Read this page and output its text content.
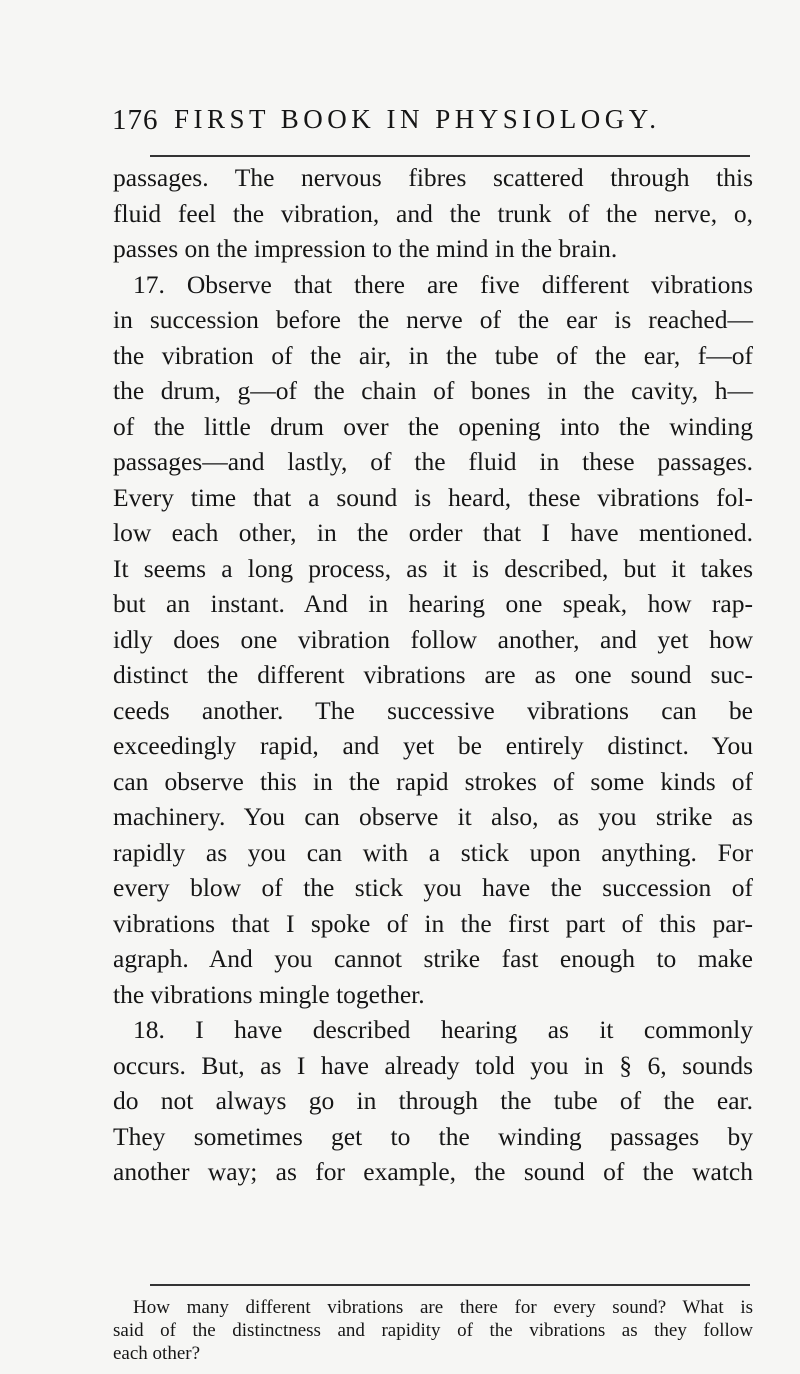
176 FIRST BOOK IN PHYSIOLOGY.
passages. The nervous fibres scattered through this
fluid feel the vibration, and the trunk of the nerve, o,
passes on the impression to the mind in the brain.
17. Observe that there are five different vibrations
in succession before the nerve of the ear is reached—
the vibration of the air, in the tube of the ear, f—of
the drum, g—of the chain of bones in the cavity, h—
of the little drum over the opening into the winding
passages—and lastly, of the fluid in these passages.
Every time that a sound is heard, these vibrations fol-
low each other, in the order that I have mentioned.
It seems a long process, as it is described, but it takes
but an instant. And in hearing one speak, how rap-
idly does one vibration follow another, and yet how
distinct the different vibrations are as one sound suc-
ceeds another. The successive vibrations can be
exceedingly rapid, and yet be entirely distinct. You
can observe this in the rapid strokes of some kinds of
machinery. You can observe it also, as you strike as
rapidly as you can with a stick upon anything. For
every blow of the stick you have the succession of
vibrations that I spoke of in the first part of this par-
agraph. And you cannot strike fast enough to make
the vibrations mingle together.
18. I have described hearing as it commonly
occurs. But, as I have already told you in § 6, sounds
do not always go in through the tube of the ear.
They sometimes get to the winding passages by
another way; as for example, the sound of the watch
How many different vibrations are there for every sound? What is
said of the distinctness and rapidity of the vibrations as they follow
each other?
